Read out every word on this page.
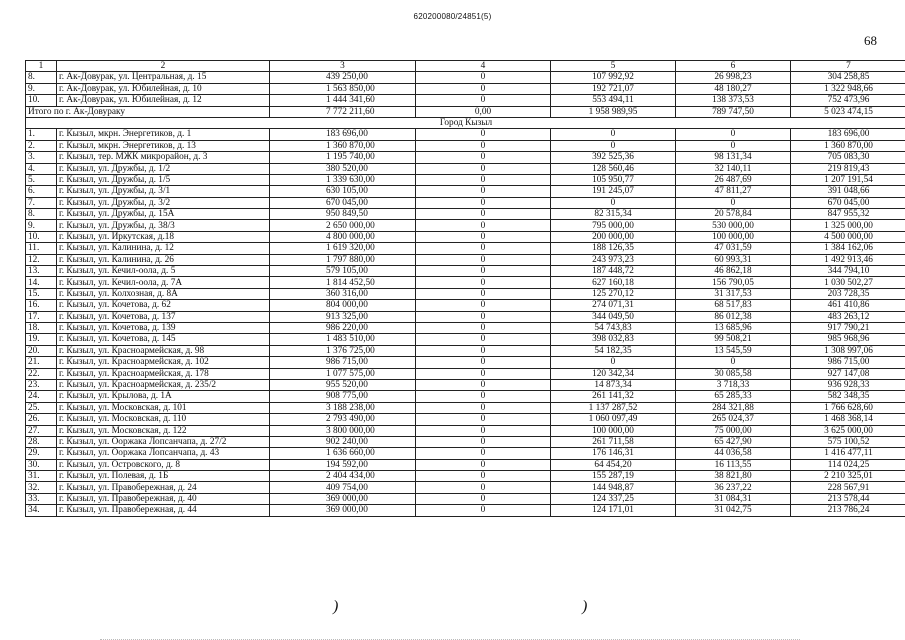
620200080/24851(5)
68
1	2	3	4	5	6	7
8.	г. Ак-Довурак, ул. Центральная, д. 15	439 250,00	0	107 992,92	26 998,23	304 258,85
9.	г. Ак-Довурак, ул. Юбилейная, д. 10	1 563 850,00	0	192 721,07	48 180,27	1 322 948,66
10.	г. Ак-Довурак, ул. Юбилейная, д. 12	1 444 341,60	0	553 494,11	138 373,53	752 473,96
Итого по г. Ак-Довураку		7 772 211,60	0,00	1 958 989,95	789 747,50	5 023 474,15
Город Кызыл						
1.	г. Кызыл, мкрн. Энергетиков, д. 1	183 696,00	0	0	0	183 696,00
2.	г. Кызыл, мкрн. Энергетиков, д. 13	1 360 870,00	0	0	0	1 360 870,00
3.	г. Кызыл, тер. МЖК микрорайон, д. 3	1 195 740,00	0	392 525,36	98 131,34	705 083,30
4.	г. Кызыл, ул. Дружбы, д. 1/2	380 520,00	0	128 560,46	32 140,11	219 819,43
5.	г. Кызыл, ул. Дружбы, д. 1/5	1 339 630,00	0	105 950,77	26 487,69	1 207 191,54
6.	г. Кызыл, ул. Дружбы, д. 3/1	630 105,00	0	191 245,07	47 811,27	391 048,66
7.	г. Кызыл, ул. Дружбы, д. 3/2	670 045,00	0	0	0	670 045,00
8.	г. Кызыл, ул. Дружбы, д. 15А	950 849,50	0	82 315,34	20 578,84	847 955,32
9.	г. Кызыл, ул. Дружбы, д. 38/3	2 650 000,00	0	795 000,00	530 000,00	1 325 000,00
10.	г. Кызыл, ул. Иркутская, д.18	4 800 000,00	0	200 000,00	100 000,00	4 500 000,00
11.	г. Кызыл, ул. Калинина, д. 12	1 619 320,00	0	188 126,35	47 031,59	1 384 162,06
12.	г. Кызыл, ул. Калинина, д. 26	1 797 880,00	0	243 973,23	60 993,31	1 492 913,46
13.	г. Кызыл, ул. Кечил-оола, д. 5	579 105,00	0	187 448,72	46 862,18	344 794,10
14.	г. Кызыл, ул. Кечил-оола, д. 7А	1 814 452,50	0	627 160,18	156 790,05	1 030 502,27
15.	г. Кызыл, ул. Колхозная, д. 8А	360 316,00	0	125 270,12	31 317,53	203 728,35
16.	г. Кызыл, ул. Кочетова, д. 62	804 000,00	0	274 071,31	68 517,83	461 410,86
17.	г. Кызыл, ул. Кочетова, д. 137	913 325,00	0	344 049,50	86 012,38	483 263,12
18.	г. Кызыл, ул. Кочетова, д. 139	986 220,00	0	54 743,83	13 685,96	917 790,21
19.	г. Кызыл, ул. Кочетова, д. 145	1 483 510,00	0	398 032,83	99 508,21	985 968,96
20.	г. Кызыл, ул. Красноармейская, д. 98	1 376 725,00	0	54 182,35	13 545,59	1 308 997,06
21.	г. Кызыл, ул. Красноармейская, д. 102	986 715,00	0	0	0	986 715,00
22.	г. Кызыл, ул. Красноармейская, д. 178	1 077 575,00	0	120 342,34	30 085,58	927 147,08
23.	г. Кызыл, ул. Красноармейская, д. 235/2	955 520,00	0	14 873,34	3 718,33	936 928,33
24.	г. Кызыл, ул. Крылова, д. 1А	908 775,00	0	261 141,32	65 285,33	582 348,35
25.	г. Кызыл, ул. Московская, д. 101	3 188 238,00	0	1 137 287,52	284 321,88	1 766 628,60
26.	г. Кызыл, ул. Московская, д. 110	2 793 490,00	0	1 060 097,49	265 024,37	1 468 368,14
27.	г. Кызыл, ул. Московская, д. 122	3 800 000,00	0	100 000,00	75 000,00	3 625 000,00
28.	г. Кызыл, ул. Ооржака Лопсанчапа, д. 27/2	902 240,00	0	261 711,58	65 427,90	575 100,52
29.	г. Кызыл, ул. Ооржака Лопсанчапа, д. 43	1 636 660,00	0	176 146,31	44 036,58	1 416 477,11
30.	г. Кызыл, ул. Островского, д. 8	194 592,00	0	64 454,20	16 113,55	114 024,25
31.	г. Кызыл, ул. Полевая, д. 1Б	2 404 434,00	0	155 287,19	38 821,80	2 210 325,01
32.	г. Кызыл, ул. Правобережная, д. 24	409 754,00	0	144 948,87	36 237,22	228 567,91
33.	г. Кызыл, ул. Правобережная, д. 40	369 000,00	0	124 337,25	31 084,31	213 578,44
34.	г. Кызыл, ул. Правобережная, д. 44	369 000,00	0	124 171,01	31 042,75	213 786,24
)	)
